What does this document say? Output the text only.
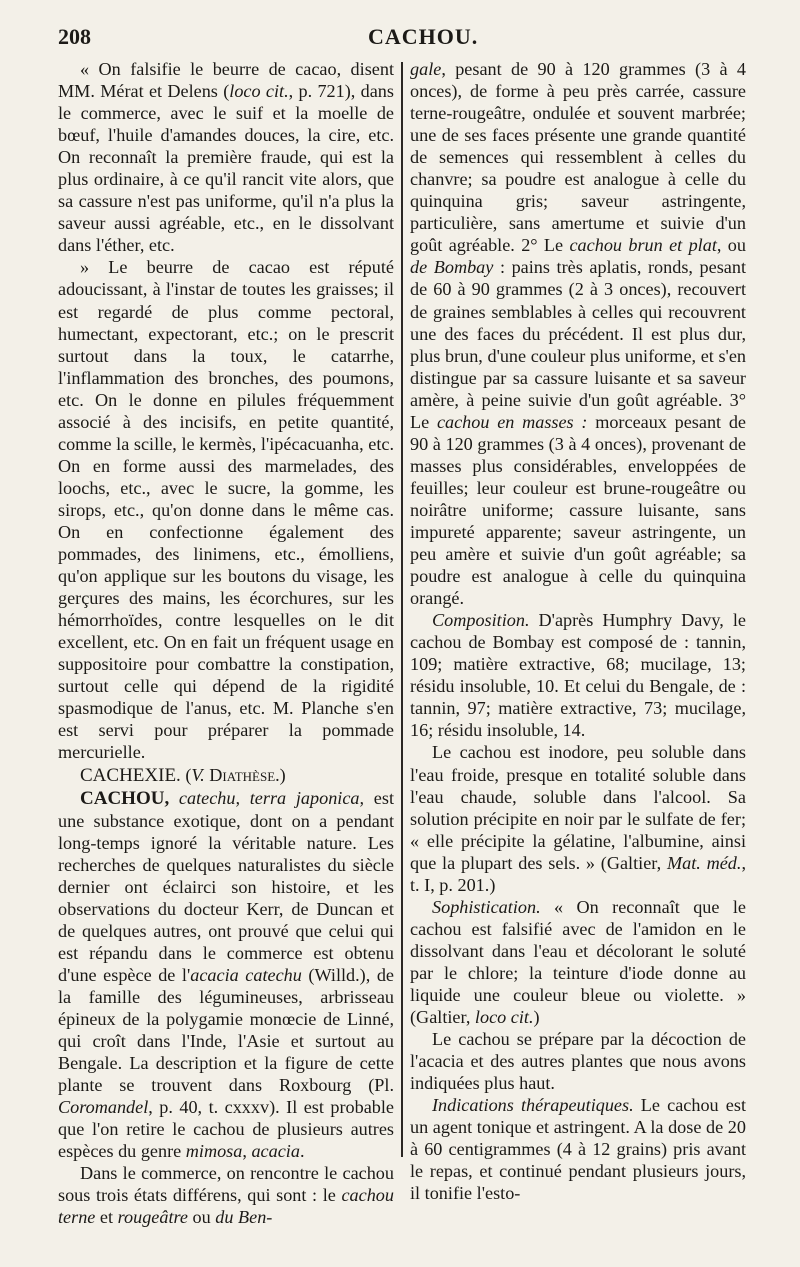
208	CACHOU.

« On falsifie le beurre de cacao, disent MM. Mérat et Delens (loco cit., p. 721), dans le commerce, avec le suif et la moelle de bœuf, l'huile d'amandes douces, la cire, etc. On reconnaît la première fraude, qui est la plus ordinaire, à ce qu'il rancit vite alors, que sa cassure n'est pas uniforme, qu'il n'a plus la saveur aussi agréable, etc., en le dissolvant dans l'éther, etc.

» Le beurre de cacao est réputé adoucissant, à l'instar de toutes les graisses; il est regardé de plus comme pectoral, humectant, expectorant, etc.; on le prescrit surtout dans la toux, le catarrhe, l'inflammation des bronches, des poumons, etc. On le donne en pilules fréquemment associé à des incisifs, en petite quantité, comme la scille, le kermès, l'ipécacuanha, etc. On en forme aussi des marmelades, des loochs, etc., avec le sucre, la gomme, les sirops, etc., qu'on donne dans le même cas. On en confectionne également des pommades, des linimens, etc., émolliens, qu'on applique sur les boutons du visage, les gerçures des mains, les écorchures, sur les hémorrhoïdes, contre lesquelles on le dit excellent, etc. On en fait un fréquent usage en suppositoire pour combattre la constipation, surtout celle qui dépend de la rigidité spasmodique de l'anus, etc. M. Planche s'en est servi pour préparer la pommade mercurielle.

CACHEXIE. (V. Diathèse.)

CACHOU, catechu, terra japonica, est une substance exotique, dont on a pendant long-temps ignoré la véritable nature. Les recherches de quelques naturalistes du siècle dernier ont éclairci son histoire, et les observations du docteur Kerr, de Duncan et de quelques autres, ont prouvé que celui qui est répandu dans le commerce est obtenu d'une espèce de l'acacia catechu (Willd.), de la famille des légumineuses, arbrisseau épineux de la polygamie monœcie de Linné, qui croît dans l'Inde, l'Asie et surtout au Bengale. La description et la figure de cette plante se trouvent dans Roxbourg (Pl. Coromandel, p. 40, t. cxxxv). Il est probable que l'on retire le cachou de plusieurs autres espèces du genre mimosa, acacia.

Dans le commerce, on rencontre le cachou sous trois états différens, qui sont : le cachou terne et rougeâtre ou du Ben-

gale, pesant de 90 à 120 grammes (3 à 4 onces), de forme à peu près carrée, cassure terne-rougeâtre, ondulée et souvent marbrée; une de ses faces présente une grande quantité de semences qui ressemblent à celles du chanvre; sa poudre est analogue à celle du quinquina gris; saveur astringente, particulière, sans amertume et suivie d'un goût agréable. 2° Le cachou brun et plat, ou de Bombay : pains très aplatis, ronds, pesant de 60 à 90 grammes (2 à 3 onces), recouvert de graines semblables à celles qui recouvrent une des faces du précédent. Il est plus dur, plus brun, d'une couleur plus uniforme, et s'en distingue par sa cassure luisante et sa saveur amère, à peine suivie d'un goût agréable. 3° Le cachou en masses : morceaux pesant de 90 à 120 grammes (3 à 4 onces), provenant de masses plus considérables, enveloppées de feuilles; leur couleur est brune-rougeâtre ou noirâtre uniforme; cassure luisante, sans impureté apparente; saveur astringente, un peu amère et suivie d'un goût agréable; sa poudre est analogue à celle du quinquina orangé.

Composition. D'après Humphry Davy, le cachou de Bombay est composé de : tannin, 109; matière extractive, 68; mucilage, 13; résidu insoluble, 10. Et celui du Bengale, de : tannin, 97; matière extractive, 73; mucilage, 16; résidu insoluble, 14.

Le cachou est inodore, peu soluble dans l'eau froide, presque en totalité soluble dans l'eau chaude, soluble dans l'alcool. Sa solution précipite en noir par le sulfate de fer; « elle précipite la gélatine, l'albumine, ainsi que la plupart des sels. » (Galtier, Mat. méd., t. I, p. 201.)

Sophistication. « On reconnaît que le cachou est falsifié avec de l'amidon en le dissolvant dans l'eau et décolorant le soluté par le chlore; la teinture d'iode donne au liquide une couleur bleue ou violette. » (Galtier, loco cit.)

Le cachou se prépare par la décoction de l'acacia et des autres plantes que nous avons indiquées plus haut.

Indications thérapeutiques. Le cachou est un agent tonique et astringent. A la dose de 20 à 60 centigrammes (4 à 12 grains) pris avant le repas, et continué pendant plusieurs jours, il tonifie l'esto-
